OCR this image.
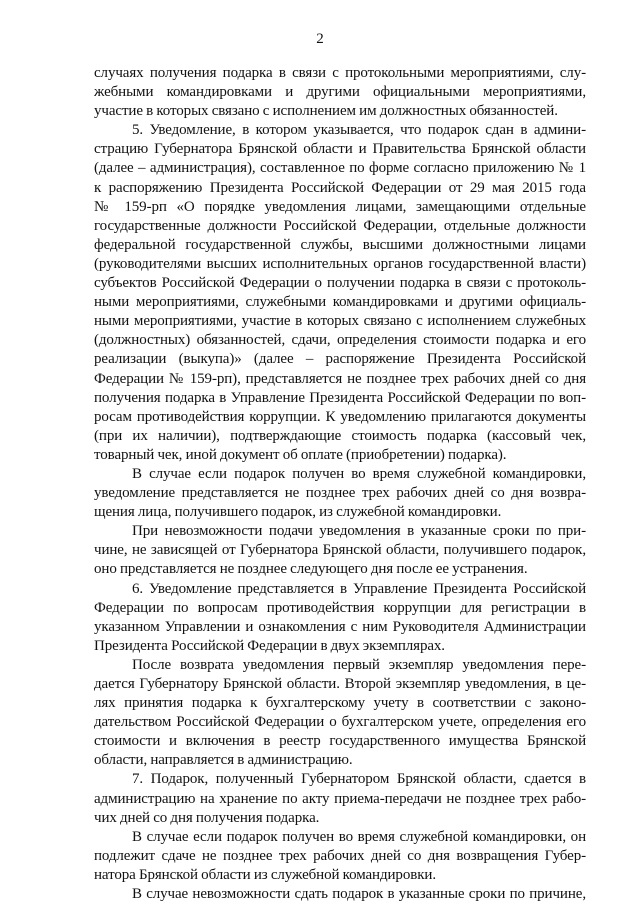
2
случаях получения подарка в связи с протокольными мероприятиями, слу-
жебными командировками и другими официальными мероприятиями,
участие в которых связано с исполнением им должностных обязанностей.
5. Уведомление, в котором указывается, что подарок сдан в админи-
страцию Губернатора Брянской области и Правительства Брянской области
(далее – администрация), составленное по форме согласно приложению № 1
к распоряжению Президента Российской Федерации от 29 мая 2015 года
№ 159-рп «О порядке уведомления лицами, замещающими отдельные
государственные должности Российской Федерации, отдельные должности
федеральной государственной службы, высшими должностными лицами
(руководителями высших исполнительных органов государственной власти)
субъектов Российской Федерации о получении подарка в связи с протоколь-
ными мероприятиями, служебными командировками и другими официаль-
ными мероприятиями, участие в которых связано с исполнением служебных
(должностных) обязанностей, сдачи, определения стоимости подарка и его
реализации (выкупа)» (далее – распоряжение Президента Российской
Федерации № 159-рп), представляется не позднее трех рабочих дней со дня
получения подарка в Управление Президента Российской Федерации по воп-
росам противодействия коррупции. К уведомлению прилагаются документы
(при их наличии), подтверждающие стоимость подарка (кассовый чек,
товарный чек, иной документ об оплате (приобретении) подарка).
В случае если подарок получен во время служебной командировки,
уведомление представляется не позднее трех рабочих дней со дня возвра-
щения лица, получившего подарок, из служебной командировки.
При невозможности подачи уведомления в указанные сроки по при-
чине, не зависящей от Губернатора Брянской области, получившего подарок,
оно представляется не позднее следующего дня после ее устранения.
6. Уведомление представляется в Управление Президента Российской
Федерации по вопросам противодействия коррупции для регистрации в
указанном Управлении и ознакомления с ним Руководителя Администрации
Президента Российской Федерации в двух экземплярах.
После возврата уведомления первый экземпляр уведомления пере-
дается Губернатору Брянской области. Второй экземпляр уведомления, в це-
лях принятия подарка к бухгалтерскому учету в соответствии с законо-
дательством Российской Федерации о бухгалтерском учете, определения его
стоимости и включения в реестр государственного имущества Брянской
области, направляется в администрацию.
7. Подарок, полученный Губернатором Брянской области, сдается в
администрацию на хранение по акту приема-передачи не позднее трех рабо-
чих дней со дня получения подарка.
В случае если подарок получен во время служебной командировки, он
подлежит сдаче не позднее трех рабочих дней со дня возвращения Губер-
натора Брянской области из служебной командировки.
В случае невозможности сдать подарок в указанные сроки по причине,
